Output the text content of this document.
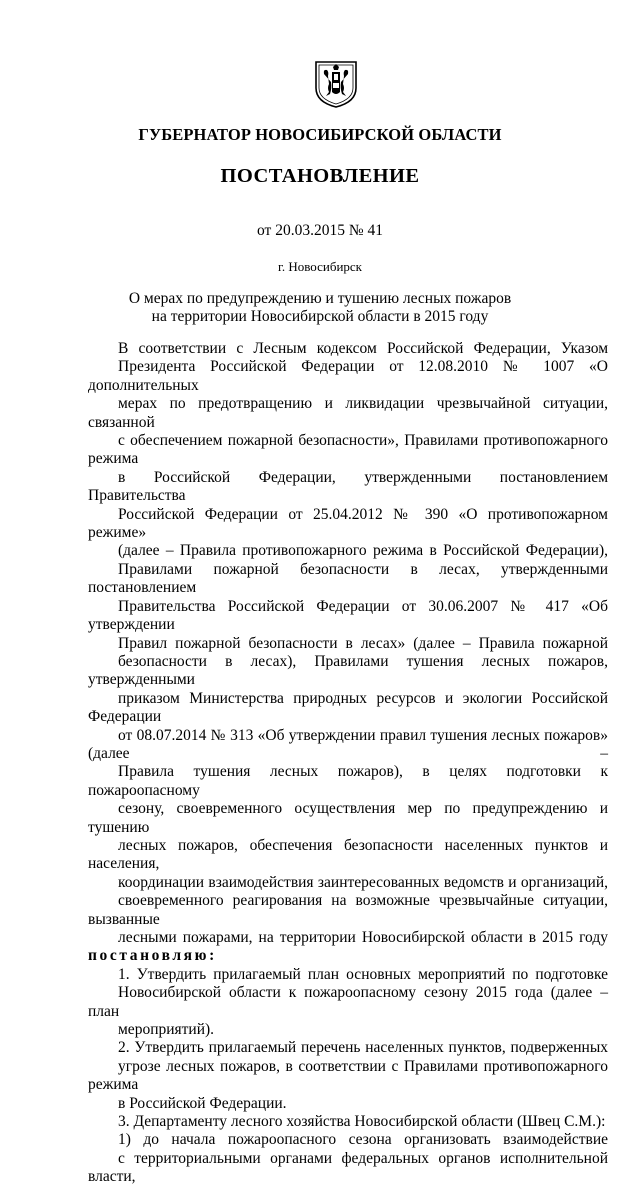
ГУБЕРНАТОР НОВОСИБИРСКОЙ ОБЛАСТИ
ПОСТАНОВЛЕНИЕ
от 20.03.2015 № 41
г. Новосибирск
О мерах по предупреждению и тушению лесных пожаров
на территории Новосибирской области в 2015 году

В соответствии с Лесным кодексом Российской Федерации, Указом
Президента Российской Федерации от 12.08.2010 № 1007 «О дополнительных
мерах по предотвращению и ликвидации чрезвычайной ситуации, связанной
с обеспечением пожарной безопасности», Правилами противопожарного режима
в Российской Федерации, утвержденными постановлением Правительства
Российской Федерации от 25.04.2012 № 390 «О противопожарном режиме»
(далее – Правила противопожарного режима в Российской Федерации),
Правилами пожарной безопасности в лесах, утвержденными постановлением
Правительства Российской Федерации от 30.06.2007 № 417 «Об утверждении
Правил пожарной безопасности в лесах» (далее – Правила пожарной
безопасности в лесах), Правилами тушения лесных пожаров, утвержденными
приказом Министерства природных ресурсов и экологии Российской Федерации
от 08.07.2014 № 313 «Об утверждении правил тушения лесных пожаров» (далее –
Правила тушения лесных пожаров), в целях подготовки к пожароопасному
сезону, своевременного осуществления мер по предупреждению и тушению
лесных пожаров, обеспечения безопасности населенных пунктов и населения,
координации взаимодействия заинтересованных ведомств и организаций,
своевременного реагирования на возможные чрезвычайные ситуации, вызванные
лесными пожарами, на территории Новосибирской области в 2015 году
постановляю:

1. Утвердить прилагаемый план основных мероприятий по подготовке
Новосибирской области к пожароопасному сезону 2015 года (далее – план
мероприятий).

2. Утвердить прилагаемый перечень населенных пунктов, подверженных
угрозе лесных пожаров, в соответствии с Правилами противопожарного режима
в Российской Федерации.

3. Департаменту лесного хозяйства Новосибирской области (Швец С.М.):

1) до начала пожароопасного сезона организовать взаимодействие
с территориальными органами федеральных органов исполнительной власти,
